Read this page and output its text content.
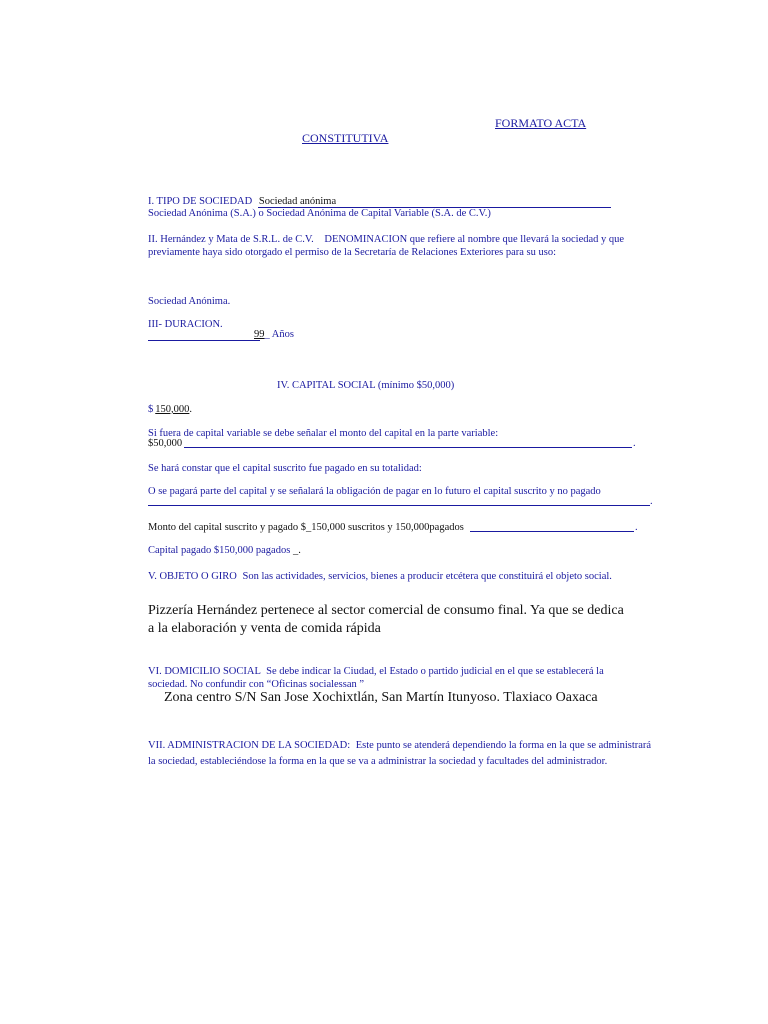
FORMATO ACTA
CONSTITUTIVA
I. TIPO DE SOCIEDAD Sociedad anónima
Sociedad Anónima (S.A.) o Sociedad Anónima de Capital Variable (S.A. de C.V.)
II. Hernández y Mata de S.R.L. de C.V. DENOMINACION que refiere al nombre que llevará la sociedad y que
previamente haya sido otorgado el permiso de la Secretaría de Relaciones Exteriores para su uso:
Sociedad Anónima.
III- DURACION.
99_ Años
IV. CAPITAL SOCIAL (mínimo $50,000)
$ 150,000.
Si fuera de capital variable se debe señalar el monto del capital en la parte variable:
$50,000	.
Se hará constar que el capital suscrito fue pagado en su totalidad:
O se pagará parte del capital y se señalará la obligación de pagar en lo futuro el capital suscrito y no pagado
.
Monto del capital suscrito y pagado $_150,000 suscritos y 150,000pagados	.
Capital pagado $150,000 pagados _.
V. OBJETO O GIRO Son las actividades, servicios, bienes a producir etcétera que constituirá el objeto social.
Pizzería Hernández pertenece al sector comercial de consumo final. Ya que se dedica
a la elaboración y venta de comida rápida
VI. DOMICILIO SOCIAL Se debe indicar la Ciudad, el Estado o partido judicial en el que se establecerá la
sociedad. No confundir con “Oficinas socialessan ”
Zona centro S/N San Jose Xochixtlán, San Martín Itunyoso. Tlaxiaco Oaxaca
VII. ADMINISTRACION DE LA SOCIEDAD: Este punto se atenderá dependiendo la forma en la que se administrará
la sociedad, estableciéndose la forma en la que se va a administrar la sociedad y facultades del administrador.
